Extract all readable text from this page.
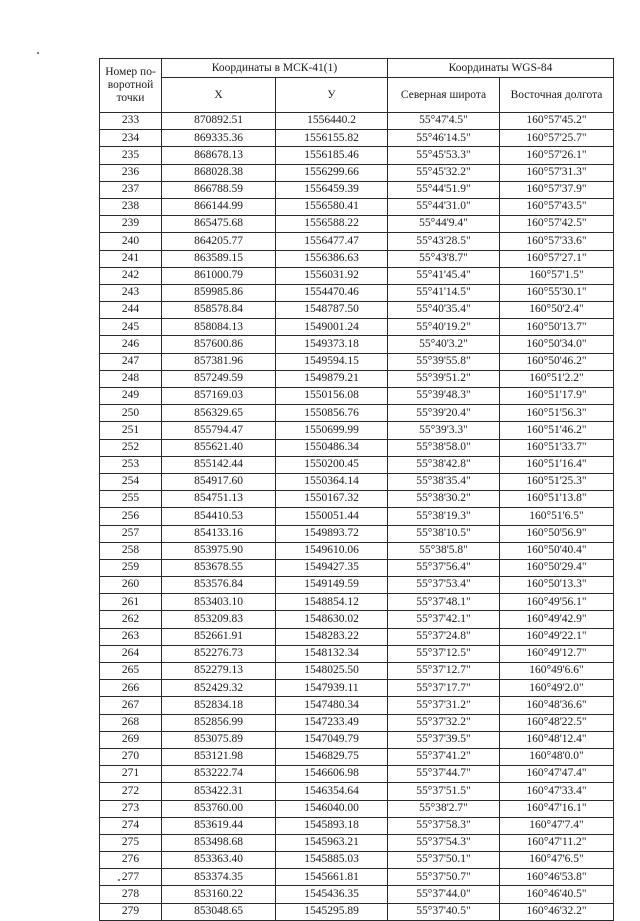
Номер по-воротной точки	Координаты в МСК-41(1)		Координаты WGS-84	
	X	У	Северная широта	Восточная долгота
233	870892.51	1556440.2	55°47'4.5"	160°57'45.2"
234	869335.36	1556155.82	55°46'14.5"	160°57'25.7"
235	868678.13	1556185.46	55°45'53.3"	160°57'26.1"
236	868028.38	1556299.66	55°45'32.2"	160°57'31.3"
237	866788.59	1556459.39	55°44'51.9"	160°57'37.9"
238	866144.99	1556580.41	55°44'31.0"	160°57'43.5"
239	865475.68	1556588.22	55°44'9.4"	160°57'42.5"
240	864205.77	1556477.47	55°43'28.5"	160°57'33.6"
241	863589.15	1556386.63	55°43'8.7"	160°57'27.1"
242	861000.79	1556031.92	55°41'45.4"	160°57'1.5"
243	859985.86	1554470.46	55°41'14.5"	160°55'30.1"
244	858578.84	1548787.50	55°40'35.4"	160°50'2.4"
245	858084.13	1549001.24	55°40'19.2"	160°50'13.7"
246	857600.86	1549373.18	55°40'3.2"	160°50'34.0"
247	857381.96	1549594.15	55°39'55.8"	160°50'46.2"
248	857249.59	1549879.21	55°39'51.2"	160°51'2.2"
249	857169.03	1550156.08	55°39'48.3"	160°51'17.9"
250	856329.65	1550856.76	55°39'20.4"	160°51'56.3"
251	855794.47	1550699.99	55°39'3.3"	160°51'46.2"
252	855621.40	1550486.34	55°38'58.0"	160°51'33.7"
253	855142.44	1550200.45	55°38'42.8"	160°51'16.4"
254	854917.60	1550364.14	55°38'35.4"	160°51'25.3"
255	854751.13	1550167.32	55°38'30.2"	160°51'13.8"
256	854410.53	1550051.44	55°38'19.3"	160°51'6.5"
257	854133.16	1549893.72	55°38'10.5"	160°50'56.9"
258	853975.90	1549610.06	55°38'5.8"	160°50'40.4"
259	853678.55	1549427.35	55°37'56.4"	160°50'29.4"
260	853576.84	1549149.59	55°37'53.4"	160°50'13.3"
261	853403.10	1548854.12	55°37'48.1"	160°49'56.1"
262	853209.83	1548630.02	55°37'42.1"	160°49'42.9"
263	852661.91	1548283.22	55°37'24.8"	160°49'22.1"
264	852276.73	1548132.34	55°37'12.5"	160°49'12.7"
265	852279.13	1548025.50	55°37'12.7"	160°49'6.6"
266	852429.32	1547939.11	55°37'17.7"	160°49'2.0"
267	852834.18	1547480.34	55°37'31.2"	160°48'36.6"
268	852856.99	1547233.49	55°37'32.2"	160°48'22.5"
269	853075.89	1547049.79	55°37'39.5"	160°48'12.4"
270	853121.98	1546829.75	55°37'41.2"	160°48'0.0"
271	853222.74	1546606.98	55°37'44.7"	160°47'47.4"
272	853422.31	1546354.64	55°37'51.5"	160°47'33.4"
273	853760.00	1546040.00	55°38'2.7"	160°47'16.1"
274	853619.44	1545893.18	55°37'58.3"	160°47'7.4"
275	853498.68	1545963.21	55°37'54.3"	160°47'11.2"
276	853363.40	1545885.03	55°37'50.1"	160°47'6.5"
277	853374.35	1545661.81	55°37'50.7"	160°46'53.8"
278	853160.22	1545436.35	55°37'44.0"	160°46'40.5"
279	853048.65	1545295.89	55°37'40.5"	160°46'32.2"
